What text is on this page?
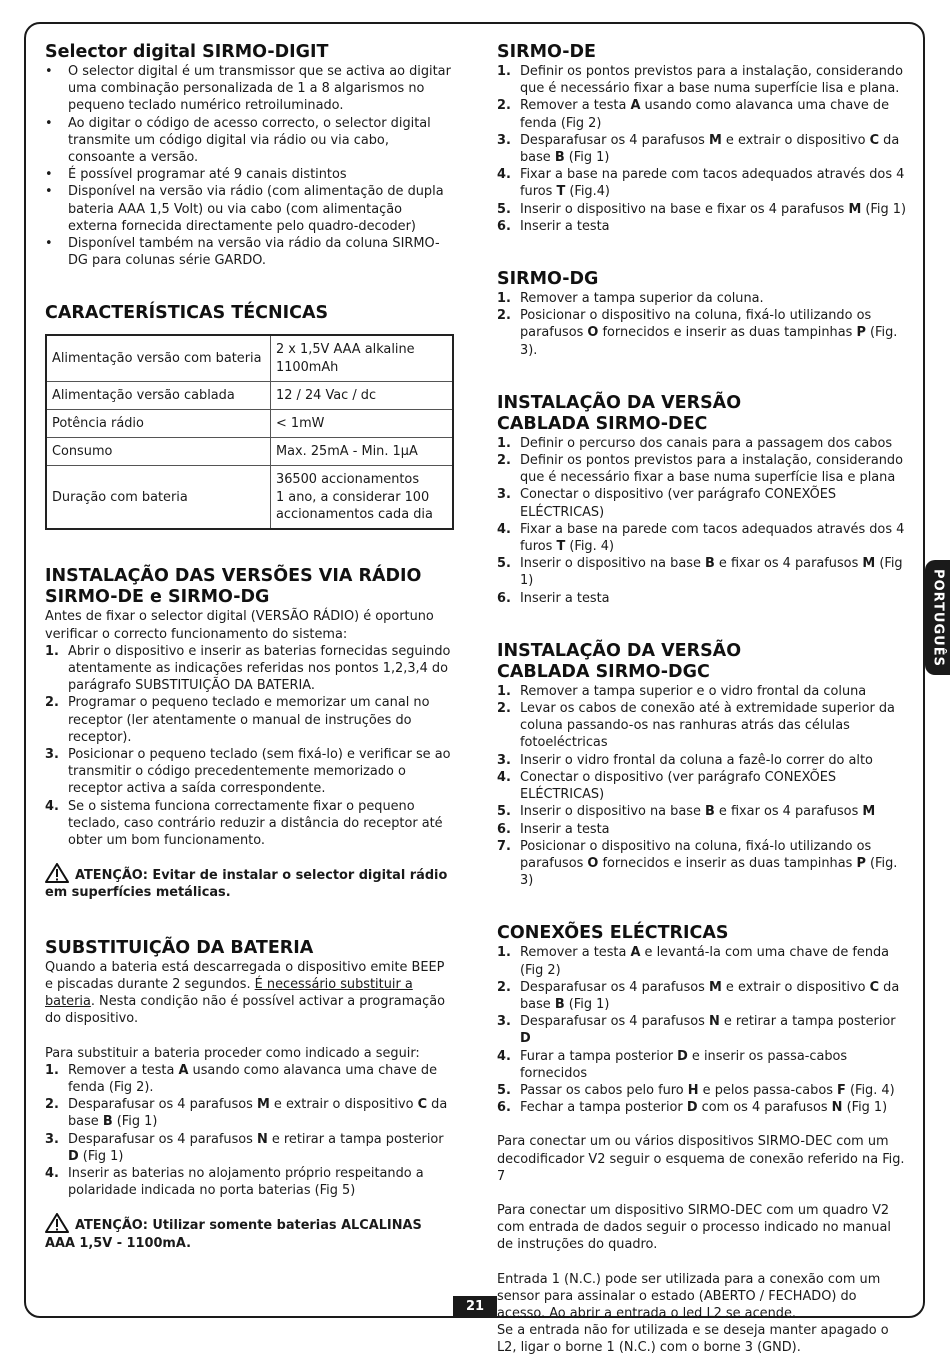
Selector digital SIRMO-DIGIT
• O selector digital é um transmissor que se activa ao digitar uma combinação personalizada de 1 a 8 algarismos no pequeno teclado numérico retroiluminado.
• Ao digitar o código de acesso correcto, o selector digital transmite um código digital via rádio ou via cabo, consoante a versão.
• É possível programar até 9 canais distintos
• Disponível na versão via rádio (com alimentação de dupla bateria AAA 1,5 Volt) ou via cabo (com alimentação externa fornecida directamente pelo quadro-decoder)
• Disponível também na versão via rádio da coluna SIRMO-DG para colunas série GARDO.
CARACTERÍSTICAS TÉCNICAS
Alimentação versão com bateria	2 x 1,5V AAA alkaline 1100mAh
Alimentação versão cablada	12 / 24 Vac / dc
Potência rádio	< 1mW
Consumo	Max. 25mA - Min. 1µA
Duração com bateria	36500 accionamentos
1 ano, a considerar 100 accionamentos cada dia
INSTALAÇÃO DAS VERSÕES VIA RÁDIO SIRMO-DE e SIRMO-DG

Antes de fixar o selector digital (VERSÃO RÁDIO) é oportuno verificar o correcto funcionamento do sistema:

1. Abrir o dispositivo e inserir as baterias fornecidas seguindo atentamente as indicações referidas nos pontos 1,2,3,4 do parágrafo SUBSTITUIÇÃO DA BATERIA.
2. Programar o pequeno teclado e memorizar um canal no receptor (ler atentamente o manual de instruções do receptor).
3. Posicionar o pequeno teclado (sem fixá-lo) e verificar se ao transmitir o código precedentemente memorizado o receptor activa a saída correspondente.
4. Se o sistema funciona correctamente fixar o pequeno teclado, caso contrário reduzir a distância do receptor até obter um bom funcionamento.
ATENÇÃO: Evitar de instalar o selector digital rádio em superfícies metálicas.
SUBSTITUIÇÃO DA BATERIA

Quando a bateria está descarregada o dispositivo emite BEEP e piscadas durante 2 segundos. É necessário substituir a bateria. Nesta condição não é possível activar a programação do dispositivo.

Para substituir a bateria proceder como indicado a seguir:

1. Remover a testa A usando como alavanca uma chave de fenda (Fig 2).
2. Desparafusar os 4 parafusos M e extrair o dispositivo C da base B (Fig 1)
3. Desparafusar os 4 parafusos N e retirar a tampa posterior D (Fig 1)
4. Inserir as baterias no alojamento próprio respeitando a polaridade indicada no porta baterias (Fig 5)
ATENÇÃO: Utilizar somente baterias ALCALINAS AAA 1,5V - 1100mA.
SIRMO-DE
1. Definir os pontos previstos para a instalação, considerando que é necessário fixar a base numa superfície lisa e plana.
2. Remover a testa A usando como alavanca uma chave de fenda (Fig 2)
3. Desparafusar os 4 parafusos M e extrair o dispositivo C da base B (Fig 1)
4. Fixar a base na parede com tacos adequados através dos 4 furos T (Fig.4)
5. Inserir o dispositivo na base e fixar os 4 parafusos M (Fig 1)
6. Inserir a testa
SIRMO-DG
1. Remover a tampa superior da coluna.
2. Posicionar o dispositivo na coluna, fixá-lo utilizando os parafusos O fornecidos e inserir as duas tampinhas P (Fig. 3).
INSTALAÇÃO DA VERSÃO CABLADA SIRMO-DEC
1. Definir o percurso dos canais para a passagem dos cabos
2. Definir os pontos previstos para a instalação, considerando que é necessário fixar a base numa superfície lisa e plana
3. Conectar o dispositivo (ver parágrafo CONEXÕES ELÉCTRICAS)
4. Fixar a base na parede com tacos adequados através dos 4 furos T (Fig. 4)
5. Inserir o dispositivo na base B e fixar os 4 parafusos M (Fig 1)
6. Inserir a testa
INSTALAÇÃO DA VERSÃO CABLADA SIRMO-DGC
1. Remover a tampa superior e o vidro frontal da coluna
2. Levar os cabos de conexão até à extremidade superior da coluna passando-os nas ranhuras atrás das células fotoeléctricas
3. Inserir o vidro frontal da coluna a fazê-lo correr do alto
4. Conectar o dispositivo (ver parágrafo CONEXÕES ELÉCTRICAS)
5. Inserir o dispositivo na base B e fixar os 4 parafusos M
6. Inserir a testa
7. Posicionar o dispositivo na coluna, fixá-lo utilizando os parafusos O fornecidos e inserir as duas tampinhas P (Fig. 3)
CONEXÕES ELÉCTRICAS
1. Remover a testa A e levantá-la com uma chave de fenda (Fig 2)
2. Desparafusar os 4 parafusos M e extrair o dispositivo C da base B (Fig 1)
3. Desparafusar os 4 parafusos N e retirar a tampa posterior D
4. Furar a tampa posterior D e inserir os passa-cabos fornecidos
5. Passar os cabos pelo furo H e pelos passa-cabos F (Fig. 4)
6. Fechar a tampa posterior D com os 4 parafusos N (Fig 1)

Para conectar um ou vários dispositivos SIRMO-DEC com um decodificador V2 seguir o esquema de conexão referido na Fig. 7

Para conectar um dispositivo SIRMO-DEC com um quadro V2 com entrada de dados seguir o processo indicado no manual de instruções do quadro.

Entrada 1 (N.C.) pode ser utilizada para a conexão com um sensor para assinalar o estado (ABERTO / FECHADO) do acesso. Ao abrir a entrada o led L2 se acende.

Se a entrada não for utilizada e se deseja manter apagado o L2, ligar o borne 1 (N.C.) com o borne 3 (GND).

PORTUGUÊS
21
